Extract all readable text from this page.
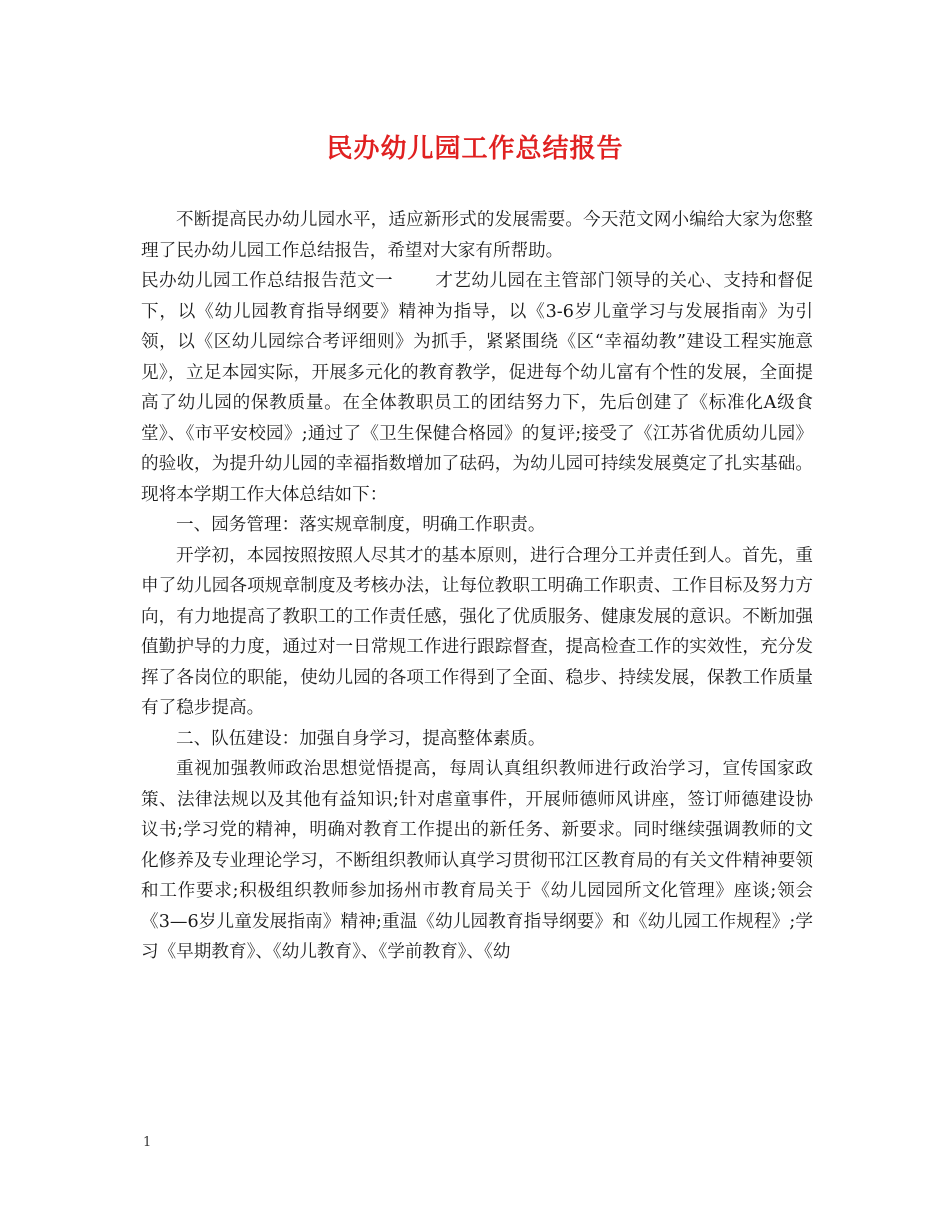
民办幼儿园工作总结报告

不断提高民办幼儿园水平，适应新形式的发展需要。今天范文网小编给大家为您整理了民办幼儿园工作总结报告，希望对大家有所帮助。

民办幼儿园工作总结报告范文一 才艺幼儿园在主管部门领导的关心、支持和督促下，以《幼儿园教育指导纲要》精神为指导，以《3-6岁儿童学习与发展指南》为引领，以《区幼儿园综合考评细则》为抓手，紧紧围绕《区“幸福幼教”建设工程实施意见》，立足本园实际，开展多元化的教育教学，促进每个幼儿富有个性的发展，全面提高了幼儿园的保教质量。在全体教职员工的团结努力下，先后创建了《标准化A级食堂》、《市平安校园》;通过了《卫生保健合格园》的复评;接受了《江苏省优质幼儿园》的验收，为提升幼儿园的幸福指数增加了砝码，为幼儿园可持续发展奠定了扎实基础。现将本学期工作大体总结如下：

一、园务管理：落实规章制度，明确工作职责。

开学初，本园按照按照人尽其才的基本原则，进行合理分工并责任到人。首先，重申了幼儿园各项规章制度及考核办法，让每位教职工明确工作职责、工作目标及努力方向，有力地提高了教职工的工作责任感，强化了优质服务、健康发展的意识。不断加强值勤护导的力度，通过对一日常规工作进行跟踪督查，提高检查工作的实效性，充分发挥了各岗位的职能，使幼儿园的各项工作得到了全面、稳步、持续发展，保教工作质量有了稳步提高。

二、队伍建设：加强自身学习，提高整体素质。

重视加强教师政治思想觉悟提高，每周认真组织教师进行政治学习，宣传国家政策、法律法规以及其他有益知识;针对虐童事件，开展师德师风讲座，签订师德建设协议书;学习党的精神，明确对教育工作提出的新任务、新要求。同时继续强调教师的文化修养及专业理论学习，不断组织教师认真学习贯彻邗江区教育局的有关文件精神要领和工作要求;积极组织教师参加扬州市教育局关于《幼儿园园所文化管理》座谈;领会《3—6岁儿童发展指南》精神;重温《幼儿园教育指导纲要》和《幼儿园工作规程》;学习《早期教育》、《幼儿教育》、《学前教育》、《幼

1
